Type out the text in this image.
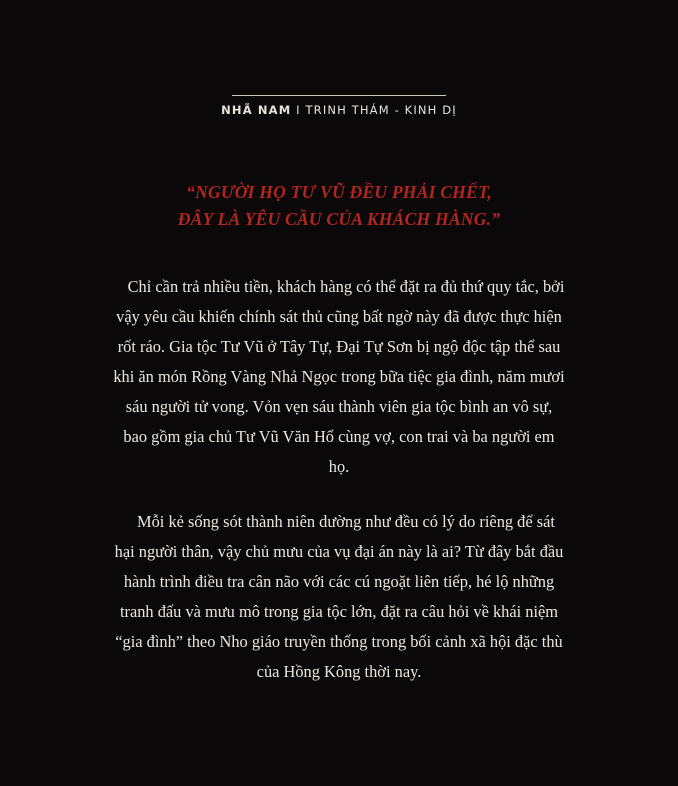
NHÃ NAM I TRINH THÁM - KINH DỊ
“NGƯỜI HỌ TƯ VŨ ĐỀU PHẢI CHẾT,
ĐÂY LÀ YÊU CẦU CỦA KHÁCH HÀNG.”

Chỉ cần trả nhiều tiền, khách hàng có thể đặt ra đủ thứ quy tắc, bởi vậy yêu cầu khiến chính sát thủ cũng bất ngờ này đã được thực hiện rốt ráo. Gia tộc Tư Vũ ở Tây Tự, Đại Tự Sơn bị ngộ độc tập thể sau khi ăn món Rồng Vàng Nhả Ngọc trong bữa tiệc gia đình, năm mươi sáu người tử vong. Vỏn vẹn sáu thành viên gia tộc bình an vô sự, bao gồm gia chủ Tư Vũ Văn Hổ cùng vợ, con trai và ba người em họ.

Mỗi kẻ sống sót thành niên dường như đều có lý do riêng để sát hại người thân, vậy chủ mưu của vụ đại án này là ai? Từ đây bắt đầu hành trình điều tra cân não với các cú ngoặt liên tiếp, hé lộ những tranh đấu và mưu mô trong gia tộc lớn, đặt ra câu hỏi về khái niệm “gia đình” theo Nho giáo truyền thống trong bối cảnh xã hội đặc thù của Hồng Kông thời nay.
